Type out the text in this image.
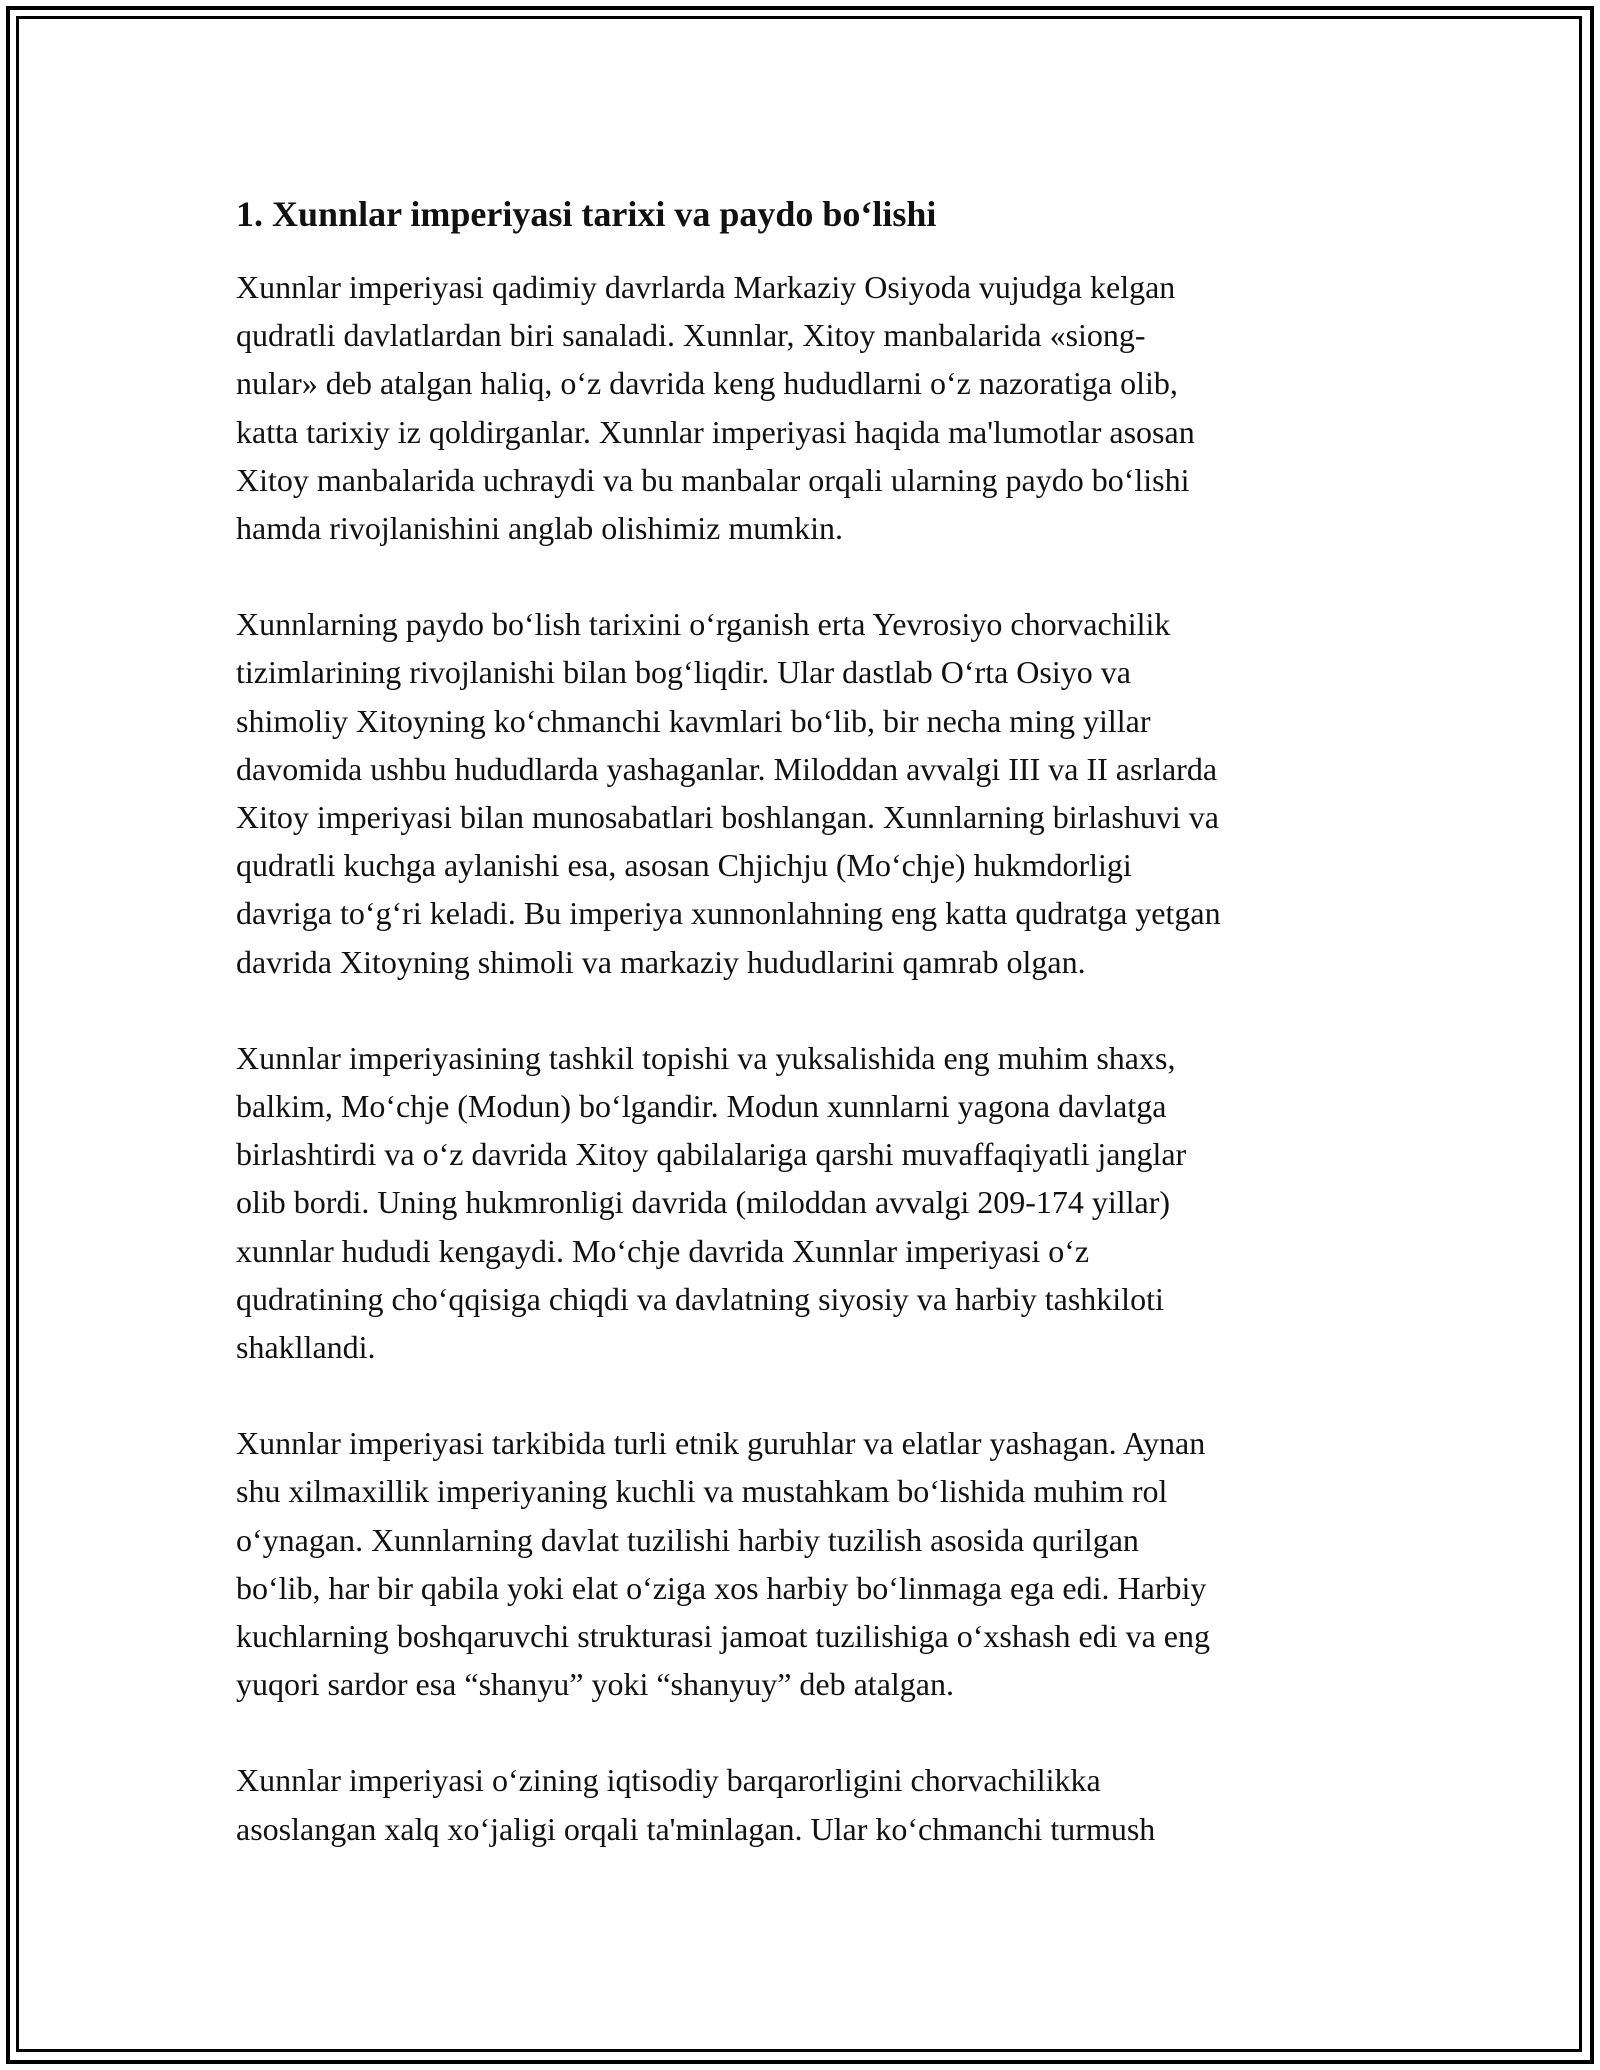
1. Xunnlar imperiyasi tarixi va paydo bo‘lishi

Xunnlar imperiyasi qadimiy davrlarda Markaziy Osiyoda vujudga kelgan
qudratli davlatlardan biri sanaladi. Xunnlar, Xitoy manbalarida «siong-
nular» deb atalgan haliq, o‘z davrida keng hududlarni o‘z nazoratiga olib,
katta tarixiy iz qoldirganlar. Xunnlar imperiyasi haqida ma'lumotlar asosan
Xitoy manbalarida uchraydi va bu manbalar orqali ularning paydo bo‘lishi
hamda rivojlanishini anglab olishimiz mumkin.

Xunnlarning paydo bo‘lish tarixini o‘rganish erta Yevrosiyo chorvachilik
tizimlarining rivojlanishi bilan bog‘liqdir. Ular dastlab O‘rta Osiyo va
shimoliy Xitoyning ko‘chmanchi kavmlari bo‘lib, bir necha ming yillar
davomida ushbu hududlarda yashaganlar. Miloddan avvalgi III va II asrlarda
Xitoy imperiyasi bilan munosabatlari boshlangan. Xunnlarning birlashuvi va
qudratli kuchga aylanishi esa, asosan Chjichju (Mo‘chje) hukmdorligi
davriga to‘g‘ri keladi. Bu imperiya xunnonlahning eng katta qudratga yetgan
davrida Xitoyning shimoli va markaziy hududlarini qamrab olgan.

Xunnlar imperiyasining tashkil topishi va yuksalishida eng muhim shaxs,
balkim, Mo‘chje (Modun) bo‘lgandir. Modun xunnlarni yagona davlatga
birlashtirdi va o‘z davrida Xitoy qabilalariga qarshi muvaffaqiyatli janglar
olib bordi. Uning hukmronligi davrida (miloddan avvalgi 209-174 yillar)
xunnlar hududi kengaydi. Mo‘chje davrida Xunnlar imperiyasi o‘z
qudratining cho‘qqisiga chiqdi va davlatning siyosiy va harbiy tashkiloti
shakllandi.

Xunnlar imperiyasi tarkibida turli etnik guruhlar va elatlar yashagan. Aynan
shu xilmaxillik imperiyaning kuchli va mustahkam bo‘lishida muhim rol
o‘ynagan. Xunnlarning davlat tuzilishi harbiy tuzilish asosida qurilgan
bo‘lib, har bir qabila yoki elat o‘ziga xos harbiy bo‘linmaga ega edi. Harbiy
kuchlarning boshqaruvchi strukturasi jamoat tuzilishiga o‘xshash edi va eng
yuqori sardor esa “shanyu” yoki “shanyuy” deb atalgan.

Xunnlar imperiyasi o‘zining iqtisodiy barqarorligini chorvachilikka
asoslangan xalq xo‘jaligi orqali ta'minlagan. Ular ko‘chmanchi turmush
